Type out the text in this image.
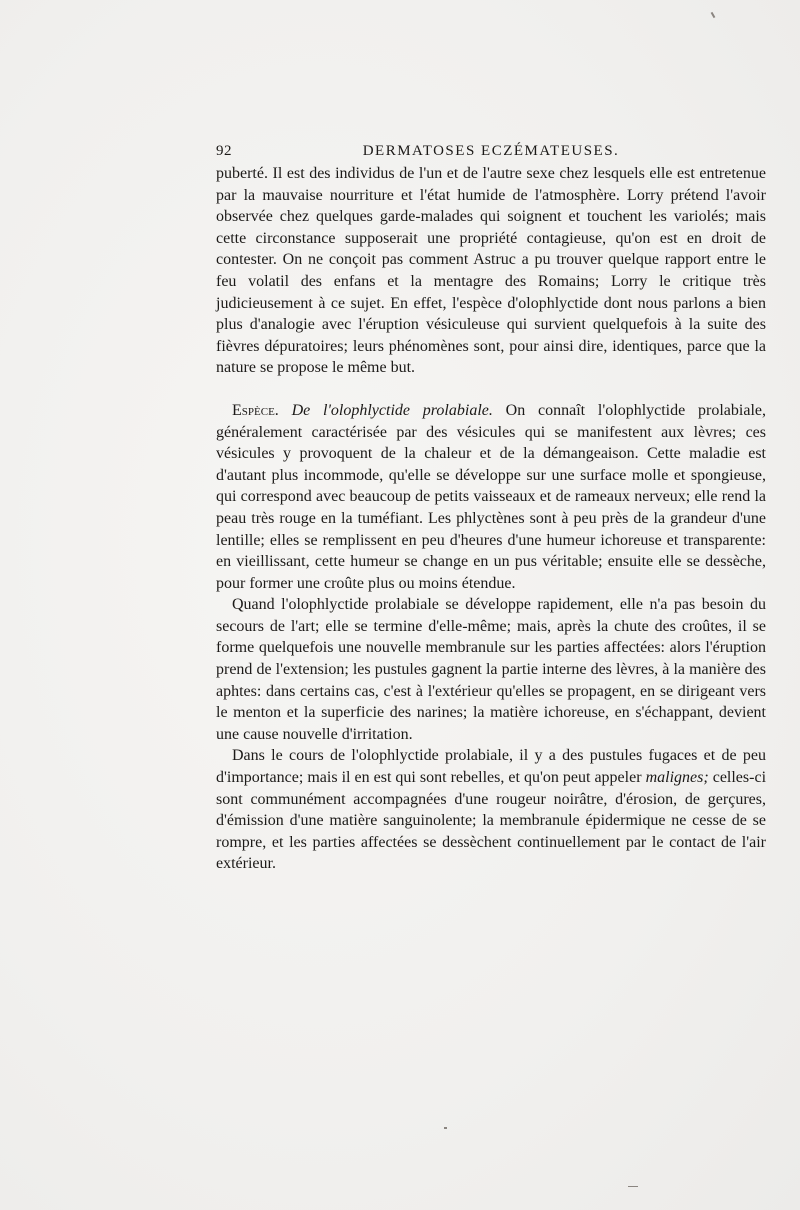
92	DERMATOSES ECZÉMATEUSES.

puberté. Il est des individus de l'un et de l'autre sexe chez lesquels elle est entretenue par la mauvaise nourriture et l'état humide de l'atmosphère. Lorry prétend l'avoir observée chez quelques garde-malades qui soignent et touchent les variolés; mais cette circonstance supposerait une propriété contagieuse, qu'on est en droit de contester. On ne conçoit pas comment Astruc a pu trouver quelque rapport entre le feu volatil des enfans et la mentagre des Romains; Lorry le critique très judicieusement à ce sujet. En effet, l'espèce d'olophlyctide dont nous parlons a bien plus d'analogie avec l'éruption vésiculeuse qui survient quelquefois à la suite des fièvres dépuratoires; leurs phénomènes sont, pour ainsi dire, identiques, parce que la nature se propose le même but.

Espèce. De l'olophlyctide prolabiale. On connaît l'olophlyctide prolabiale, généralement caractérisée par des vésicules qui se manifestent aux lèvres; ces vésicules y provoquent de la chaleur et de la démangeaison. Cette maladie est d'autant plus incommode, qu'elle se développe sur une surface molle et spongieuse, qui correspond avec beaucoup de petits vaisseaux et de rameaux nerveux; elle rend la peau très rouge en la tuméfiant. Les phlyctènes sont à peu près de la grandeur d'une lentille; elles se remplissent en peu d'heures d'une humeur ichoreuse et transparente: en vieillissant, cette humeur se change en un pus véritable; ensuite elle se dessèche, pour former une croûte plus ou moins étendue.

Quand l'olophlyctide prolabiale se développe rapidement, elle n'a pas besoin du secours de l'art; elle se termine d'elle-même; mais, après la chute des croûtes, il se forme quelquefois une nouvelle membranule sur les parties affectées: alors l'éruption prend de l'extension; les pustules gagnent la partie interne des lèvres, à la manière des aphtes: dans certains cas, c'est à l'extérieur qu'elles se propagent, en se dirigeant vers le menton et la superficie des narines; la matière ichoreuse, en s'échappant, devient une cause nouvelle d'irritation.

Dans le cours de l'olophlyctide prolabiale, il y a des pustules fugaces et de peu d'importance; mais il en est qui sont rebelles, et qu'on peut appeler malignes; celles-ci sont communément accompagnées d'une rougeur noirâtre, d'érosion, de gerçures, d'émission d'une matière sanguinolente; la membranule épidermique ne cesse de se rompre, et les parties affectées se dessèchent continuellement par le contact de l'air extérieur.
